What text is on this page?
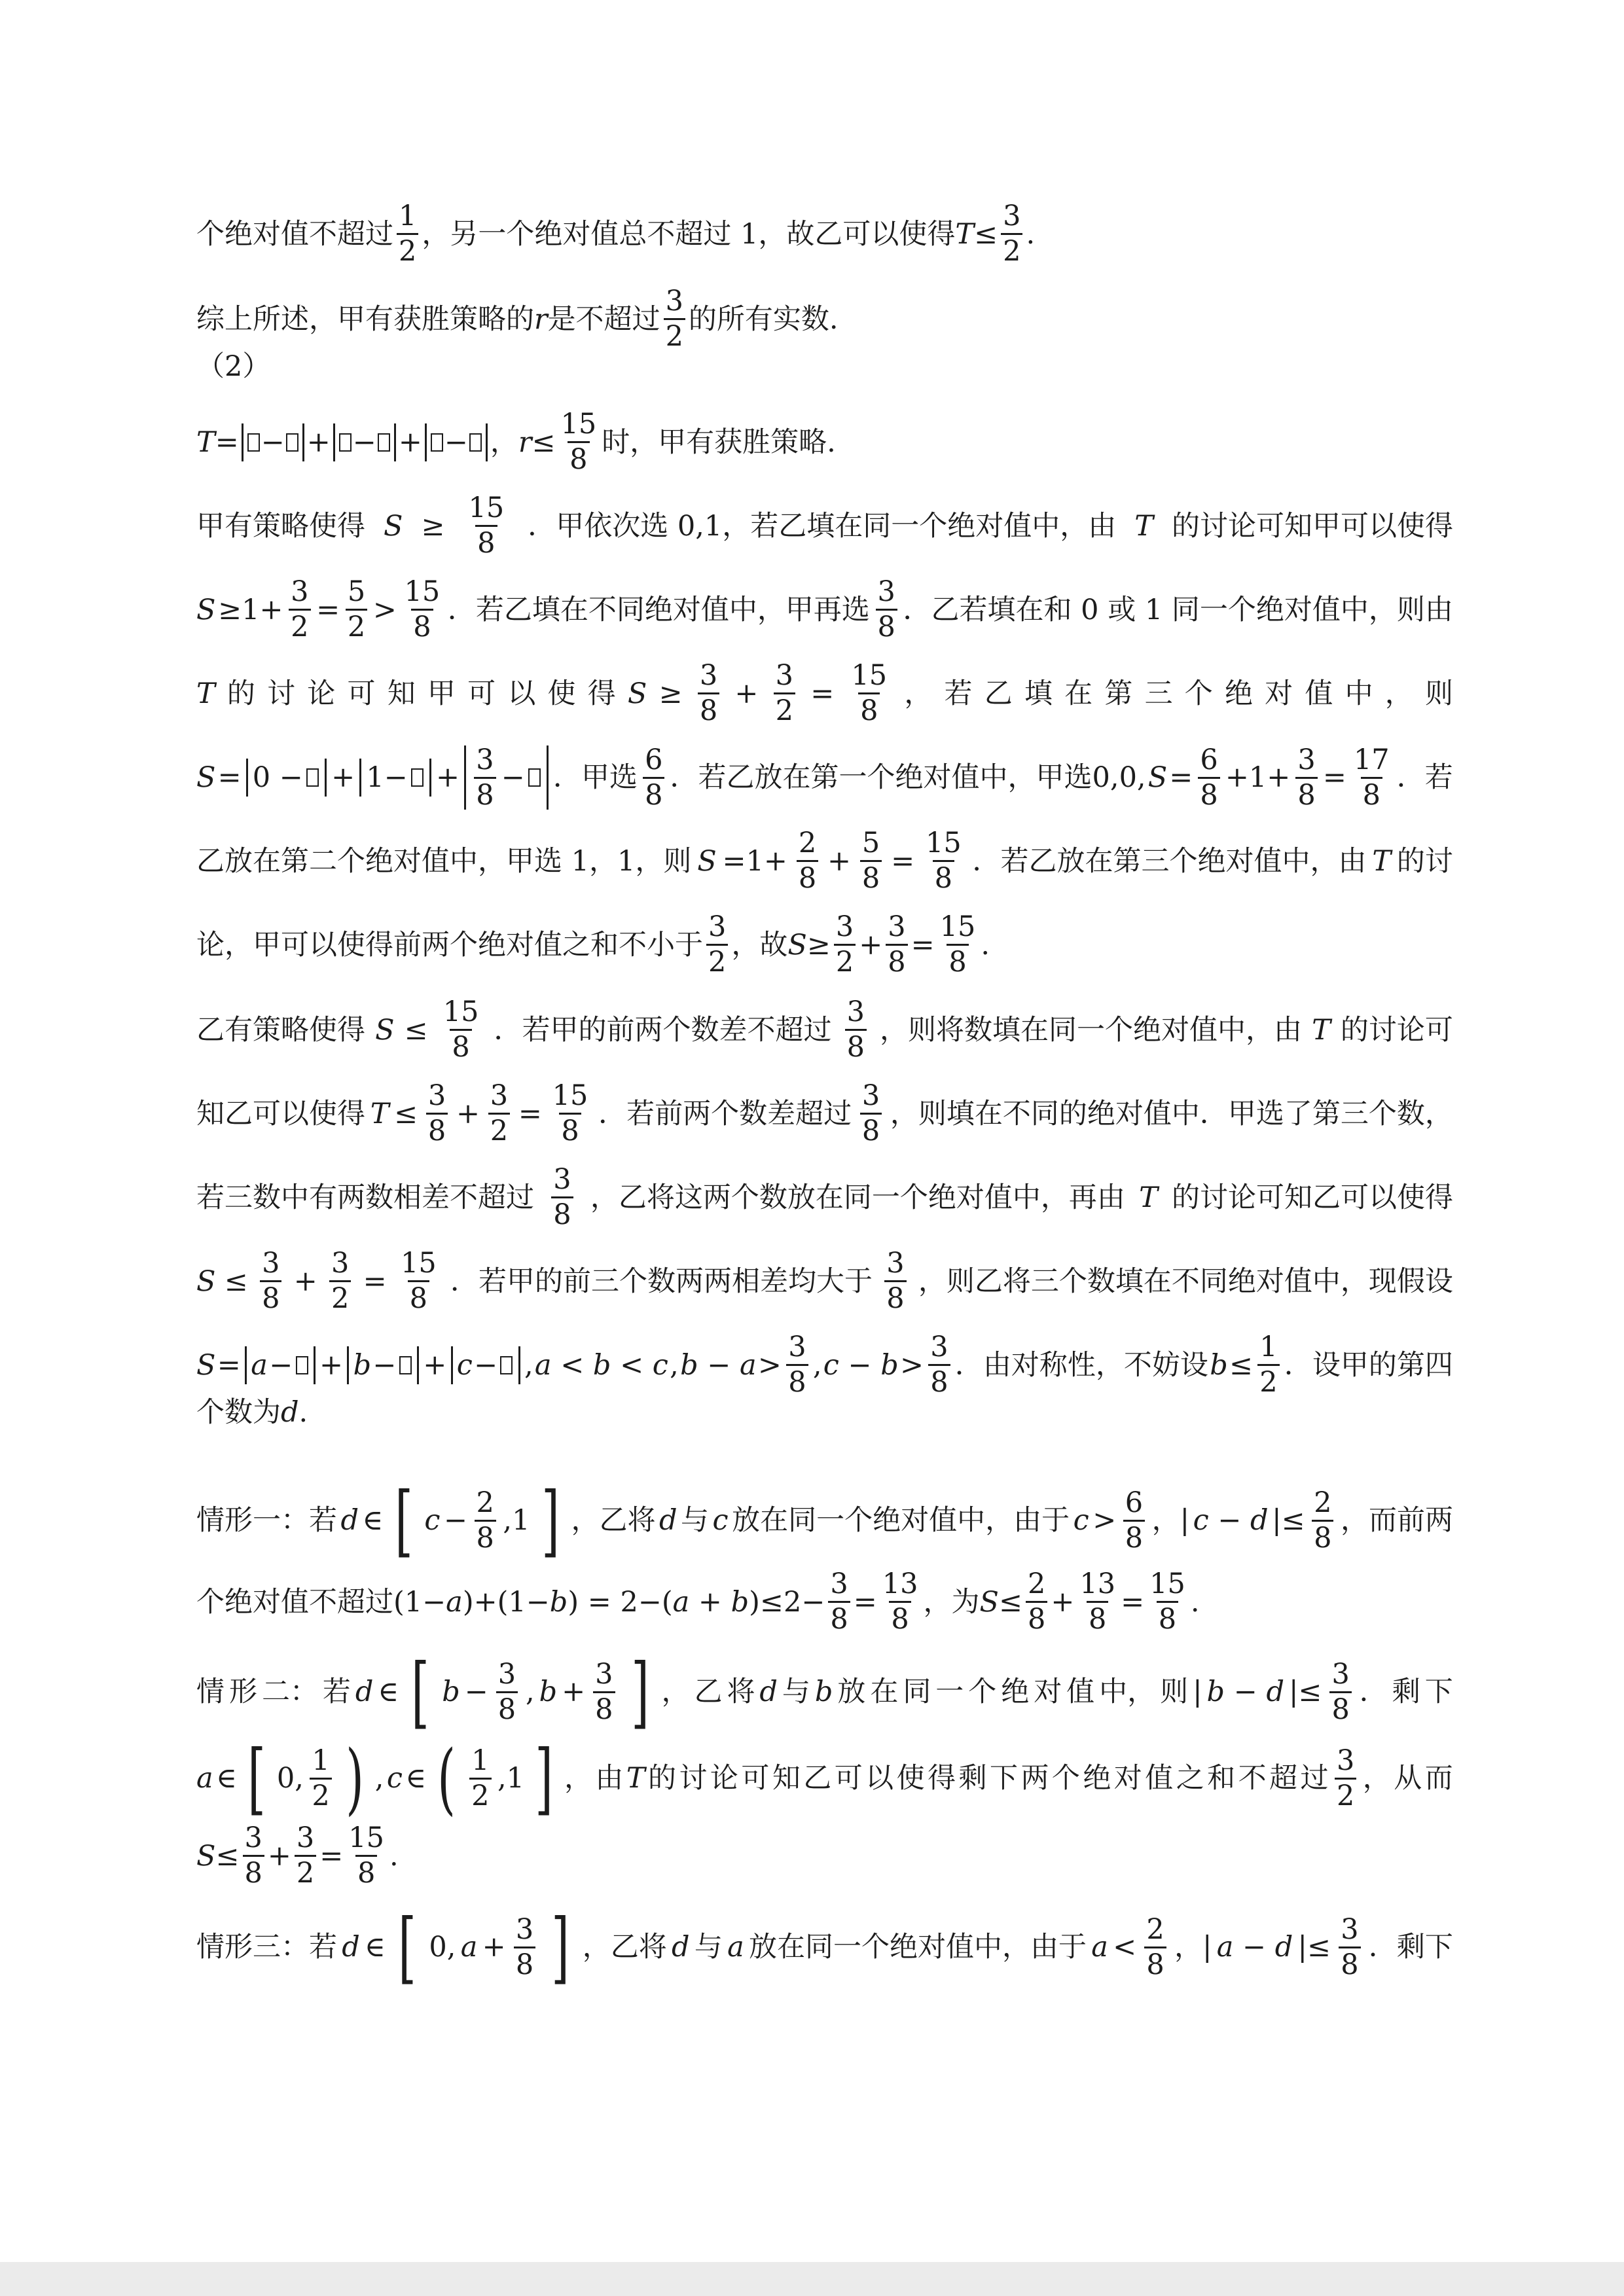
个绝对值不超过 $\frac{1}{2}$ ，另一个绝对值总不超过 1，故乙可以使得 $T \le \frac{3}{2}$ .
综上所述，甲有获胜策略的 r 是不超过 $\frac{3}{2}$ 的所有实数.
（2）
T = − + − + − ， $r \le \frac{15}{8}$ 时，甲有获胜策略.
甲有策略使得 $S \ge \frac{15}{8}$ ．甲依次选 0,1，若乙填在同一个绝对值中，由 T 的讨论可知甲可以使得
$S \ge 1+ \frac{3}{2} = \frac{5}{2} > \frac{15}{8}$ ．若乙填在不同绝对值中，甲再选 $\frac{3}{8}$ ．乙若填在和 0 或 1 同一个绝对值中，则由
T 的 讨 论 可 知 甲 可 以 使 得 $S \ge \frac{3}{8} + \frac{3}{2} = \frac{15}{8}$ ， 若 乙 填 在 第 三 个 绝 对 值 中 ， 则
S = 0 − + $1- + \frac{3}{8}$ − ．甲选 $\frac{6}{8}$ ．若乙放在第一个绝对值中，甲选0,0, $S = \frac{6}{8} +1+ \frac{3}{8} = \frac{17}{8}$ ．若
乙放在第二个绝对值中，甲选 1，1，则 $S =1+ \frac{2}{8} + \frac{5}{8} = \frac{15}{8}$ ．若乙放在第三个绝对值中，由 T 的讨
论，甲可以使得前两个绝对值之和不小于 $\frac{3}{2}$ ，故 $S \ge \frac{3}{2} + \frac{3}{8} = \frac{15}{8}$ .
乙有策略使得 $S \le \frac{15}{8}$ ．若甲的前两个数差不超过 $\frac{3}{8}$ ，则将数填在同一个绝对值中，由 T 的讨论可
知乙可以使得 $T \le \frac{3}{8} + \frac{3}{2} = \frac{15}{8}$ ．若前两个数差超过 $\frac{3}{8}$ ，则填在不同的绝对值中．甲选了第三个数，
若三数中有两数相差不超过 $\frac{3}{8}$ ，乙将这两个数放在同一个绝对值中，再由 T 的讨论可知乙可以使得
$S \le \frac{3}{8} + \frac{3}{2} = \frac{15}{8}$ ．若甲的前三个数两两相差均大于 $\frac{3}{8}$ ，则乙将三个数填在不同绝对值中，现假设
S = a − + b − + c − , a < b < c , $b - a > \frac{3}{8}$ , $c - b > \frac{3}{8}$ ．由对称性，不妨设 $b \le \frac{1}{2}$ ．设甲的第四
个数为 d .
情形一：若 d ∈ [ $c - \frac{2}{8} ,1$ ] ，乙将 d 与 c 放在同一个绝对值中，由于 $c > \frac{6}{8}$ ，| c − d |≤ $\frac{2}{8}$ ，而前两
个绝对值不超过(1− a )+(1− b ) = 2−( a + b )$\le 2- \frac{3}{8} = \frac{13}{8}$ ，为 $S \le \frac{2}{8} + \frac{13}{8} = \frac{15}{8}$ .
情 形 二： 若 d ∈ [ $b - \frac{3}{8}$ , $b + \frac{3}{8}$ ] ， 乙 将 d 与 b 放 在 同 一 个 绝 对 值 中， 则 | b − d |≤ $\frac{3}{8}$ ． 剩 下
a ∈ [ 0, $\frac{1}{2}$ ) , c ∈ ( $\frac{1}{2} ,1$ ] ， 由 T 的 讨 论 可 知 乙 可 以 使 得 剩 下 两 个 绝 对 值 之 和 不 超 过 $\frac{3}{2}$ ， 从 而
$S \le \frac{3}{8} + \frac{3}{2} = \frac{15}{8}$ .
情形三：若 d ∈ [ 0, $a + \frac{3}{8}$ ] ，乙将 d 与 a 放在同一个绝对值中，由于 $a < \frac{2}{8}$ ，| a − d |≤ $\frac{3}{8}$ ．剩下
